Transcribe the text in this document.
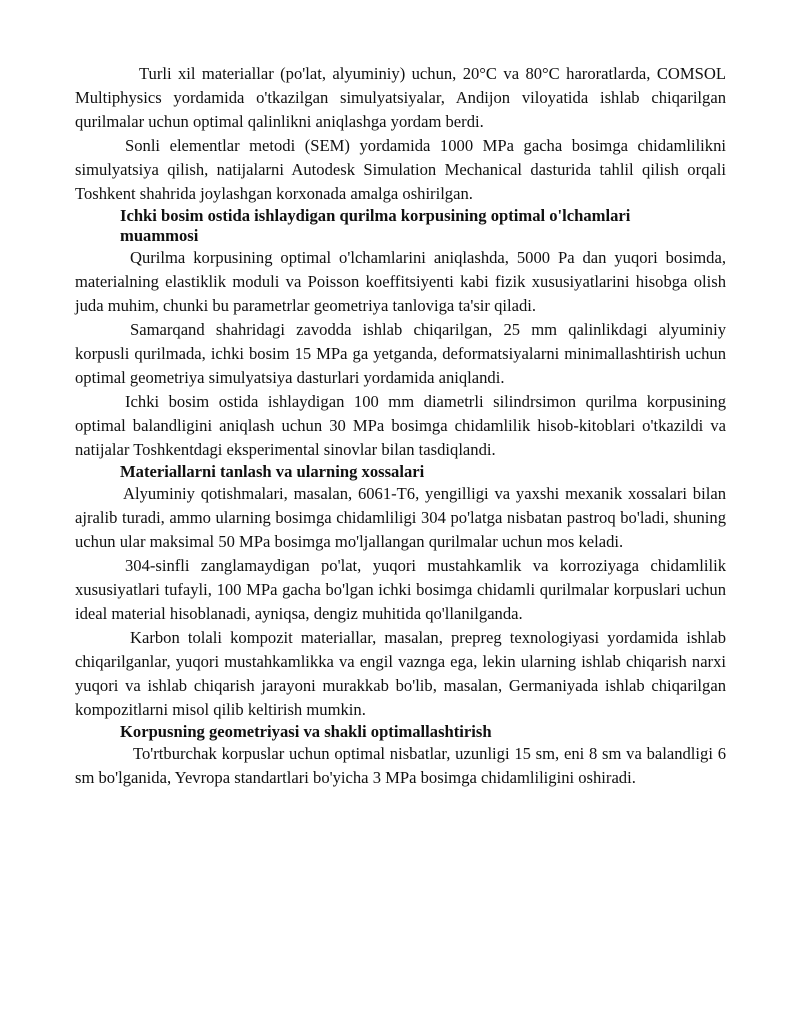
Turli xil materiallar (po'lat, alyuminiy) uchun, 20°C va 80°C haroratlarda, COMSOL Multiphysics yordamida o'tkazilgan simulyatsiyalar, Andijon viloyatida ishlab chiqarilgan qurilmalar uchun optimal qalinlikni aniqlashga yordam berdi.

Sonli elementlar metodi (SEM) yordamida 1000 MPa gacha bosimga chidamlilikni simulyatsiya qilish, natijalarni Autodesk Simulation Mechanical dasturida tahlil qilish orqali Toshkent shahrida joylashgan korxonada amalga oshirilgan.

Ichki bosim ostida ishlaydigan qurilma korpusining optimal o'lchamlari muammosi

Qurilma korpusining optimal o'lchamlarini aniqlashda, 5000 Pa dan yuqori bosimda, materialning elastiklik moduli va Poisson koeffitsiyenti kabi fizik xususiyatlarini hisobga olish juda muhim, chunki bu parametrlar geometriya tanloviga ta'sir qiladi.

Samarqand shahridagi zavodda ishlab chiqarilgan, 25 mm qalinlikdagi alyuminiy korpusli qurilmada, ichki bosim 15 MPa ga yetganda, deformatsiyalarni minimallashtirish uchun optimal geometriya simulyatsiya dasturlari yordamida aniqlandi.

Ichki bosim ostida ishlaydigan 100 mm diametrli silindrsimon qurilma korpusining optimal balandligini aniqlash uchun 30 MPa bosimga chidamlilik hisob-kitoblari o'tkazildi va natijalar Toshkentdagi eksperimental sinovlar bilan tasdiqlandi.

Materiallarni tanlash va ularning xossalari

Alyuminiy qotishmalari, masalan, 6061-T6, yengilligi va yaxshi mexanik xossalari bilan ajralib turadi, ammo ularning bosimga chidamliligi 304 po'latga nisbatan pastroq bo'ladi, shuning uchun ular maksimal 50 MPa bosimga mo'ljallangan qurilmalar uchun mos keladi.

304-sinfli zanglamaydigan po'lat, yuqori mustahkamlik va korroziyaga chidamlilik xususiyatlari tufayli, 100 MPa gacha bo'lgan ichki bosimga chidamli qurilmalar korpuslari uchun ideal material hisoblanadi, ayniqsa, dengiz muhitida qo'llanilganda.

Karbon tolali kompozit materiallar, masalan, prepreg texnologiyasi yordamida ishlab chiqarilganlar, yuqori mustahkamlikka va engil vaznga ega, lekin ularning ishlab chiqarish narxi yuqori va ishlab chiqarish jarayoni murakkab bo'lib, masalan, Germaniyada ishlab chiqarilgan kompozitlarni misol qilib keltirish mumkin.

Korpusning geometriyasi va shakli optimallashtirish

To'rtburchak korpuslar uchun optimal nisbatlar, uzunligi 15 sm, eni 8 sm va balandligi 6 sm bo'lganida, Yevropa standartlari bo'yicha 3 MPa bosimga chidamliligini oshiradi.
